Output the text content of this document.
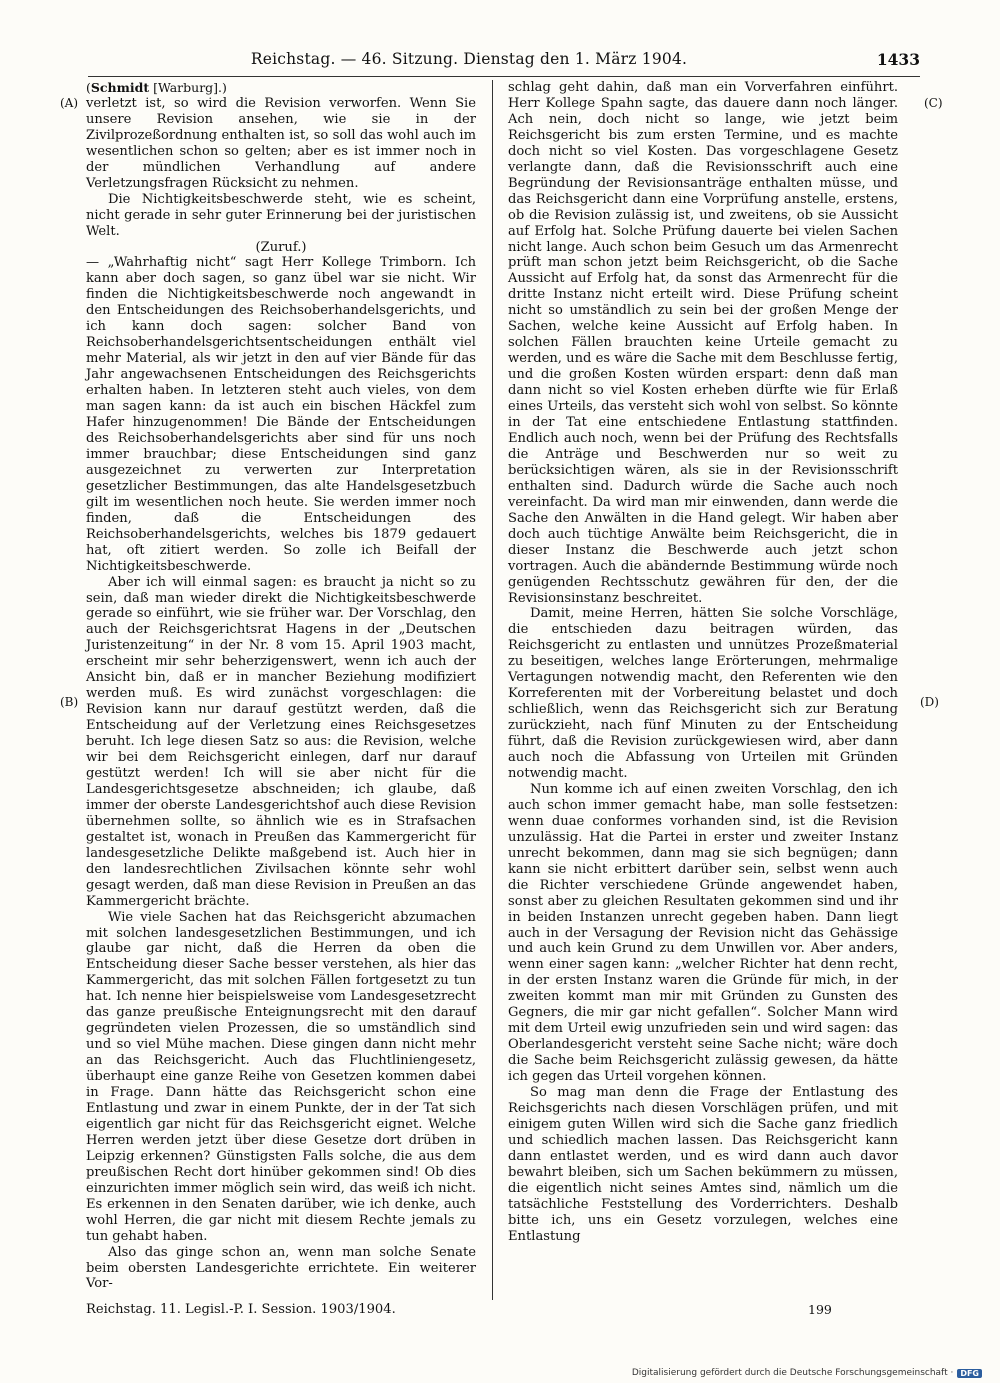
Reichstag. — 46. Sitzung. Dienstag den 1. März 1904.	1433
(A)
(B)
(C)
(D)

(Schmidt [Warburg].)

verletzt ist, so wird die Revision verworfen. Wenn Sie unsere Revision ansehen, wie sie in der Zivilprozeßordnung enthalten ist, so soll das wohl auch im wesentlichen schon so gelten; aber es ist immer noch in der mündlichen Verhandlung auf andere Verletzungsfragen Rücksicht zu nehmen.

Die Nichtigkeitsbeschwerde steht, wie es scheint, nicht gerade in sehr guter Erinnerung bei der juristischen Welt.

(Zuruf.)

— „Wahrhaftig nicht“ sagt Herr Kollege Trimborn. Ich kann aber doch sagen, so ganz übel war sie nicht. Wir finden die Nichtigkeitsbeschwerde noch angewandt in den Entscheidungen des Reichsoberhandelsgerichts, und ich kann doch sagen: solcher Band von Reichsoberhandelsgerichtsentscheidungen enthält viel mehr Material, als wir jetzt in den auf vier Bände für das Jahr angewachsenen Entscheidungen des Reichsgerichts erhalten haben. In letzteren steht auch vieles, von dem man sagen kann: da ist auch ein bischen Häckfel zum Hafer hinzugenommen! Die Bände der Entscheidungen des Reichsoberhandelsgerichts aber sind für uns noch immer brauchbar; diese Entscheidungen sind ganz ausgezeichnet zu verwerten zur Interpretation gesetzlicher Bestimmungen, das alte Handelsgesetzbuch gilt im wesentlichen noch heute. Sie werden immer noch finden, daß die Entscheidungen des Reichsoberhandelsgerichts, welches bis 1879 gedauert hat, oft zitiert werden. So zolle ich Beifall der Nichtigkeitsbeschwerde.

Aber ich will einmal sagen: es braucht ja nicht so zu sein, daß man wieder direkt die Nichtigkeitsbeschwerde gerade so einführt, wie sie früher war. Der Vorschlag, den auch der Reichsgerichtsrat Hagens in der „Deutschen Juristenzeitung“ in der Nr. 8 vom 15. April 1903 macht, erscheint mir sehr beherzigenswert, wenn ich auch der Ansicht bin, daß er in mancher Beziehung modifiziert werden muß. Es wird zunächst vorgeschlagen: die Revision kann nur darauf gestützt werden, daß die Entscheidung auf der Verletzung eines Reichsgesetzes beruht. Ich lege diesen Satz so aus: die Revision, welche wir bei dem Reichsgericht einlegen, darf nur darauf gestützt werden! Ich will sie aber nicht für die Landesgerichtsgesetze abschneiden; ich glaube, daß immer der oberste Landesgerichtshof auch diese Revision übernehmen sollte, so ähnlich wie es in Strafsachen gestaltet ist, wonach in Preußen das Kammergericht für landesgesetzliche Delikte maßgebend ist. Auch hier in den landesrechtlichen Zivilsachen könnte sehr wohl gesagt werden, daß man diese Revision in Preußen an das Kammergericht brächte.

Wie viele Sachen hat das Reichsgericht abzumachen mit solchen landesgesetzlichen Bestimmungen, und ich glaube gar nicht, daß die Herren da oben die Entscheidung dieser Sache besser verstehen, als hier das Kammergericht, das mit solchen Fällen fortgesetzt zu tun hat. Ich nenne hier beispielsweise vom Landesgesetzrecht das ganze preußische Enteignungsrecht mit den darauf gegründeten vielen Prozessen, die so umständlich sind und so viel Mühe machen. Diese gingen dann nicht mehr an das Reichsgericht. Auch das Fluchtliniengesetz, überhaupt eine ganze Reihe von Gesetzen kommen dabei in Frage. Dann hätte das Reichsgericht schon eine Entlastung und zwar in einem Punkte, der in der Tat sich eigentlich gar nicht für das Reichsgericht eignet. Welche Herren werden jetzt über diese Gesetze dort drüben in Leipzig erkennen? Günstigsten Falls solche, die aus dem preußischen Recht dort hinüber gekommen sind! Ob dies einzurichten immer möglich sein wird, das weiß ich nicht. Es erkennen in den Senaten darüber, wie ich denke, auch wohl Herren, die gar nicht mit diesem Rechte jemals zu tun gehabt haben.

Also das ginge schon an, wenn man solche Senate beim obersten Landesgerichte errichtete. Ein weiterer Vor-

schlag geht dahin, daß man ein Vorverfahren einführt. Herr Kollege Spahn sagte, das dauere dann noch länger. Ach nein, doch nicht so lange, wie jetzt beim Reichsgericht bis zum ersten Termine, und es machte doch nicht so viel Kosten. Das vorgeschlagene Gesetz verlangte dann, daß die Revisionsschrift auch eine Begründung der Revisionsanträge enthalten müsse, und das Reichsgericht dann eine Vorprüfung anstelle, erstens, ob die Revision zulässig ist, und zweitens, ob sie Aussicht auf Erfolg hat. Solche Prüfung dauerte bei vielen Sachen nicht lange. Auch schon beim Gesuch um das Armenrecht prüft man schon jetzt beim Reichsgericht, ob die Sache Aussicht auf Erfolg hat, da sonst das Armenrecht für die dritte Instanz nicht erteilt wird. Diese Prüfung scheint nicht so umständlich zu sein bei der großen Menge der Sachen, welche keine Aussicht auf Erfolg haben. In solchen Fällen brauchten keine Urteile gemacht zu werden, und es wäre die Sache mit dem Beschlusse fertig, und die großen Kosten würden erspart: denn daß man dann nicht so viel Kosten erheben dürfte wie für Erlaß eines Urteils, das versteht sich wohl von selbst. So könnte in der Tat eine entschiedene Entlastung stattfinden. Endlich auch noch, wenn bei der Prüfung des Rechtsfalls die Anträge und Beschwerden nur so weit zu berücksichtigen wären, als sie in der Revisionsschrift enthalten sind. Dadurch würde die Sache auch noch vereinfacht. Da wird man mir einwenden, dann werde die Sache den Anwälten in die Hand gelegt. Wir haben aber doch auch tüchtige Anwälte beim Reichsgericht, die in dieser Instanz die Beschwerde auch jetzt schon vortragen. Auch die abändernde Bestimmung würde noch genügenden Rechtsschutz gewähren für den, der die Revisionsinstanz beschreitet.

Damit, meine Herren, hätten Sie solche Vorschläge, die entschieden dazu beitragen würden, das Reichsgericht zu entlasten und unnützes Prozeßmaterial zu beseitigen, welches lange Erörterungen, mehrmalige Vertagungen notwendig macht, den Referenten wie den Korreferenten mit der Vorbereitung belastet und doch schließlich, wenn das Reichsgericht sich zur Beratung zurückzieht, nach fünf Minuten zu der Entscheidung führt, daß die Revision zurückgewiesen wird, aber dann auch noch die Abfassung von Urteilen mit Gründen notwendig macht.

Nun komme ich auf einen zweiten Vorschlag, den ich auch schon immer gemacht habe, man solle festsetzen: wenn duae conformes vorhanden sind, ist die Revision unzulässig. Hat die Partei in erster und zweiter Instanz unrecht bekommen, dann mag sie sich begnügen; dann kann sie nicht erbittert darüber sein, selbst wenn auch die Richter verschiedene Gründe angewendet haben, sonst aber zu gleichen Resultaten gekommen sind und ihr in beiden Instanzen unrecht gegeben haben. Dann liegt auch in der Versagung der Revision nicht das Gehässige und auch kein Grund zu dem Unwillen vor. Aber anders, wenn einer sagen kann: „welcher Richter hat denn recht, in der ersten Instanz waren die Gründe für mich, in der zweiten kommt man mir mit Gründen zu Gunsten des Gegners, die mir gar nicht gefallen“. Solcher Mann wird mit dem Urteil ewig unzufrieden sein und wird sagen: das Oberlandesgericht versteht seine Sache nicht; wäre doch die Sache beim Reichsgericht zulässig gewesen, da hätte ich gegen das Urteil vorgehen können.

So mag man denn die Frage der Entlastung des Reichsgerichts nach diesen Vorschlägen prüfen, und mit einigem guten Willen wird sich die Sache ganz friedlich und schiedlich machen lassen. Das Reichsgericht kann dann entlastet werden, und es wird dann auch davor bewahrt bleiben, sich um Sachen bekümmern zu müssen, die eigentlich nicht seines Amtes sind, nämlich um die tatsächliche Feststellung des Vorderrichters. Deshalb bitte ich, uns ein Gesetz vorzulegen, welches eine Entlastung

Reichstag. 11. Legisl.-P. I. Session. 1903/1904.	199
Digitalisierung gefördert durch die Deutsche Forschungsgemeinschaft · DFG
